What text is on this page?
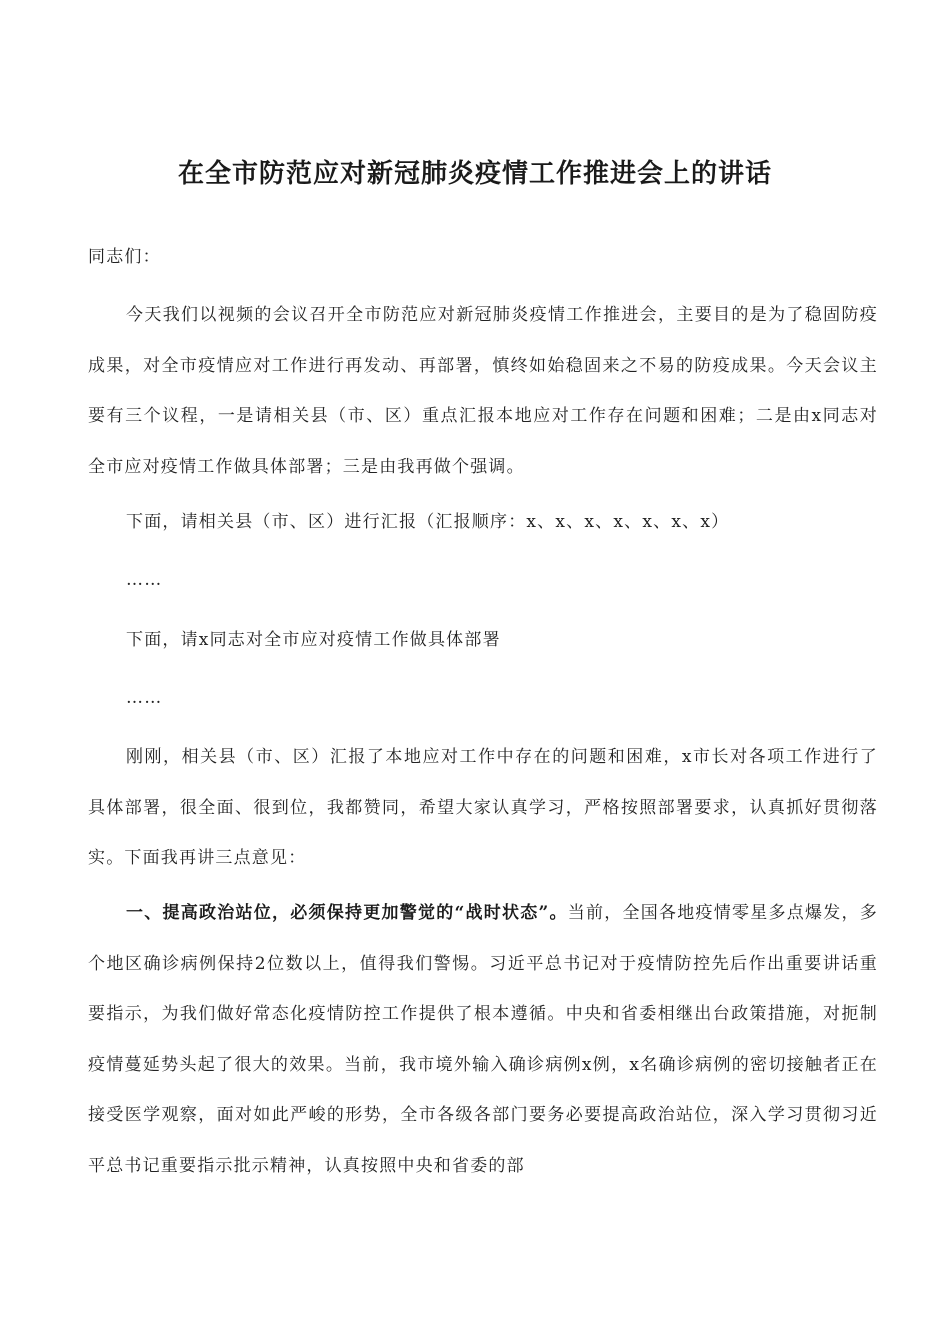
在全市防范应对新冠肺炎疫情工作推进会上的讲话
同志们：
今天我们以视频的会议召开全市防范应对新冠肺炎疫情工作推进会，主要目的是为了稳固防疫成果，对全市疫情应对工作进行再发动、再部署，慎终如始稳固来之不易的防疫成果。今天会议主要有三个议程，一是请相关县（市、区）重点汇报本地应对工作存在问题和困难；二是由x同志对全市应对疫情工作做具体部署；三是由我再做个强调。
下面，请相关县（市、区）进行汇报（汇报顺序：x、x、x、x、x、x、x）
……
下面，请x同志对全市应对疫情工作做具体部署
……
刚刚，相关县（市、区）汇报了本地应对工作中存在的问题和困难，x市长对各项工作进行了具体部署，很全面、很到位，我都赞同，希望大家认真学习，严格按照部署要求，认真抓好贯彻落实。下面我再讲三点意见：
一、提高政治站位，必须保持更加警觉的“战时状态”。当前，全国各地疫情零星多点爆发，多个地区确诊病例保持2位数以上，值得我们警惕。习近平总书记对于疫情防控先后作出重要讲话重要指示，为我们做好常态化疫情防控工作提供了根本遵循。中央和省委相继出台政策措施，对扼制疫情蔓延势头起了很大的效果。当前，我市境外输入确诊病例x例，x名确诊病例的密切接触者正在接受医学观察，面对如此严峻的形势，全市各级各部门要务必要提高政治站位，深入学习贯彻习近平总书记重要指示批示精神，认真按照中央和省委的部
